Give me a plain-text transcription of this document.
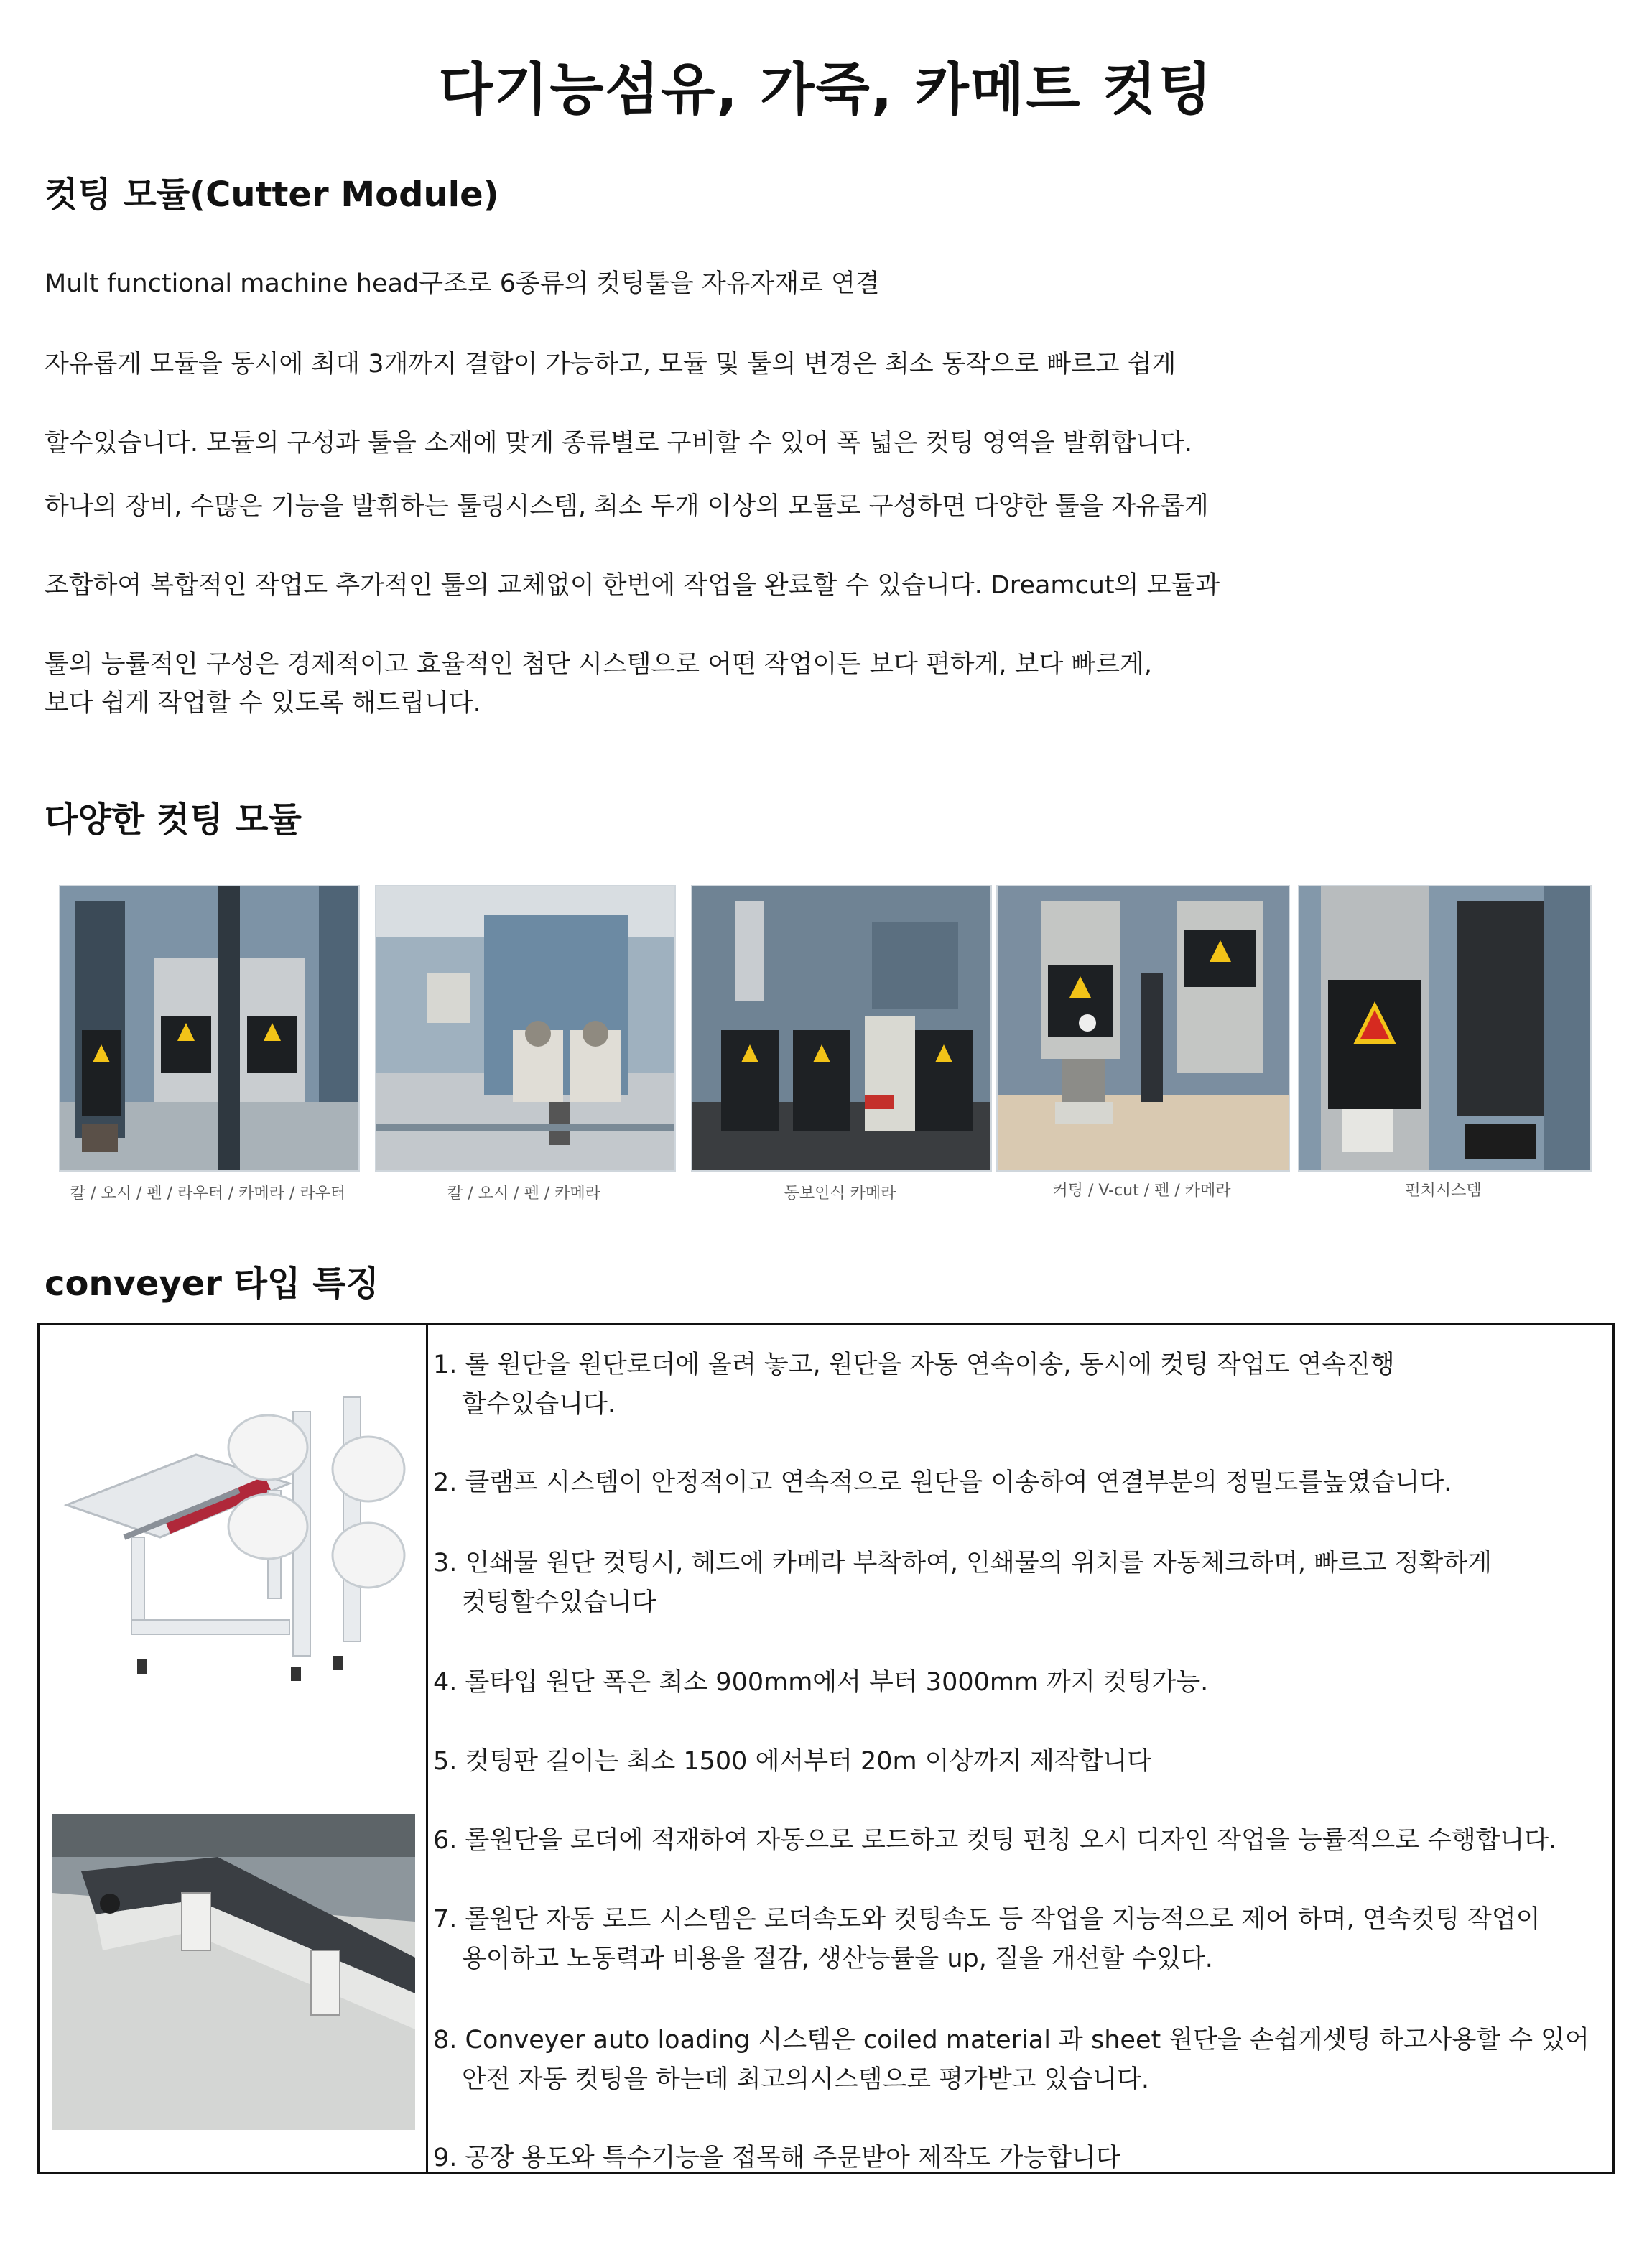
다기능섬유, 가죽, 카메트 컷팅
컷팅 모듈(Cutter Module)
Mult functional machine head구조로 6종류의 컷팅툴을 자유자재로 연결
자유롭게 모듈을 동시에 최대 3개까지 결합이 가능하고, 모듈 및 툴의 변경은 최소 동작으로 빠르고 쉽게
할수있습니다. 모듈의 구성과 툴을 소재에 맞게 종류별로 구비할 수 있어 폭 넓은 컷팅 영역을 발휘합니다.
하나의 장비, 수많은 기능을 발휘하는 툴링시스템, 최소 두개 이상의 모듈로 구성하면 다양한 툴을 자유롭게
조합하여 복합적인 작업도 추가적인 툴의 교체없이 한번에 작업을 완료할 수 있습니다. Dreamcut의 모듈과
툴의 능률적인 구성은 경제적이고 효율적인 첨단 시스템으로 어떤 작업이든 보다 편하게, 보다 빠르게,
보다 쉽게 작업할 수 있도록 해드립니다.
다양한 컷팅 모듈
칼 / 오시 / 펜 / 라우터 / 카메라 / 라우터	칼 / 오시 / 펜 / 카메라	동보인식 카메라	커팅 / V-cut / 펜 / 카메라	펀치시스템
conveyer 타입 특징
1. 롤 원단을 원단로더에 올려 놓고, 원단을 자동 연속이송, 동시에 컷팅 작업도 연속진행
할수있습니다.
2. 클램프 시스템이 안정적이고 연속적으로 원단을 이송하여 연결부분의 정밀도를높였습니다.
3. 인쇄물 원단 컷팅시, 헤드에 카메라 부착하여, 인쇄물의 위치를 자동체크하며, 빠르고 정확하게
컷팅할수있습니다
4. 롤타입 원단 폭은 최소 900mm에서 부터 3000mm 까지 컷팅가능.
5. 컷팅판 길이는 최소 1500 에서부터 20m 이상까지 제작합니다
6. 롤원단을 로더에 적재하여 자동으로 로드하고 컷팅 펀칭 오시 디자인 작업을 능률적으로 수행합니다.
7. 롤원단 자동 로드 시스템은 로더속도와 컷팅속도 등 작업을 지능적으로 제어 하며, 연속컷팅 작업이
용이하고 노동력과 비용을 절감, 생산능률을 up, 질을 개선할 수있다.
8. Conveyer auto loading 시스템은 coiled material 과 sheet 원단을 손쉽게셋팅 하고사용할 수 있어
안전 자동 컷팅을 하는데 최고의시스템으로 평가받고 있습니다.
9. 공장 용도와 특수기능을 접목해 주문받아 제작도 가능합니다
